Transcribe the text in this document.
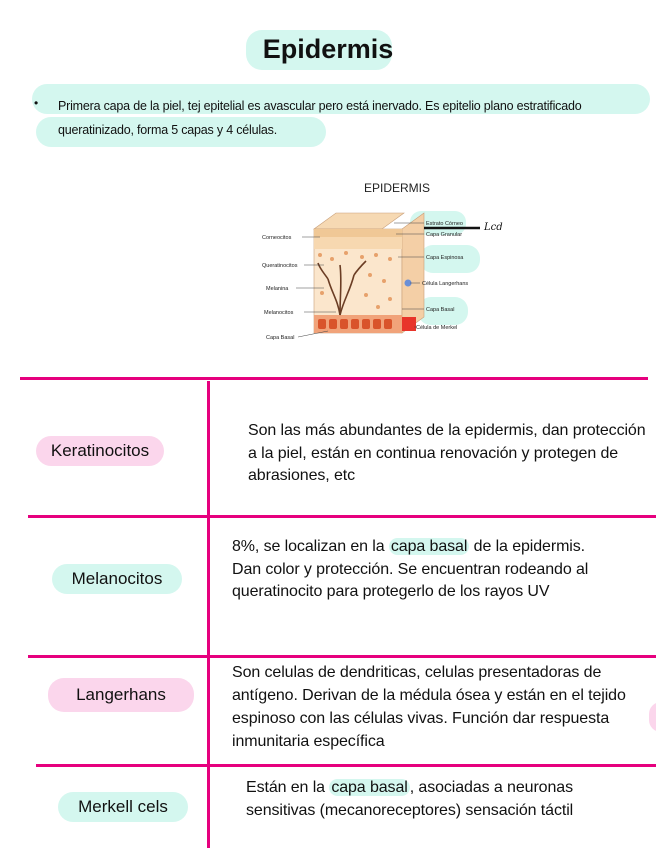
Epidermis
• Primera capa de la piel, tej epitelial es avascular pero está inervado. Es epitelio plano estratificado queratinizado, forma 5 capas y 4 células.
EPIDERMIS
Corneocitos
Queratinocitos
Melanina
Melanocitos
Capa Basal
Estrato Córneo
Capa Granular
Capa Espinosa
Célula Langerhans
Capa Basal
Célula de Merkel
Lcd
Keratinocitos
Son las más abundantes de la epidermis, dan protección a la piel, están en continua renovación y protegen de abrasiones, etc
Melanocitos
8%, se localizan en la capa basal de la epidermis. Dan color y protección. Se encuentran rodeando al queratinocito para protegerlo de los rayos UV
Langerhans
Son celulas de dendriticas, celulas presentadoras de antígeno. Derivan de la médula ósea y están en el tejido espinoso con las células vivas. Función dar respuesta inmunitaria específica
Merkell cels
Están en la capa basal , asociadas a neuronas sensitivas (mecanoreceptores) sensación táctil
